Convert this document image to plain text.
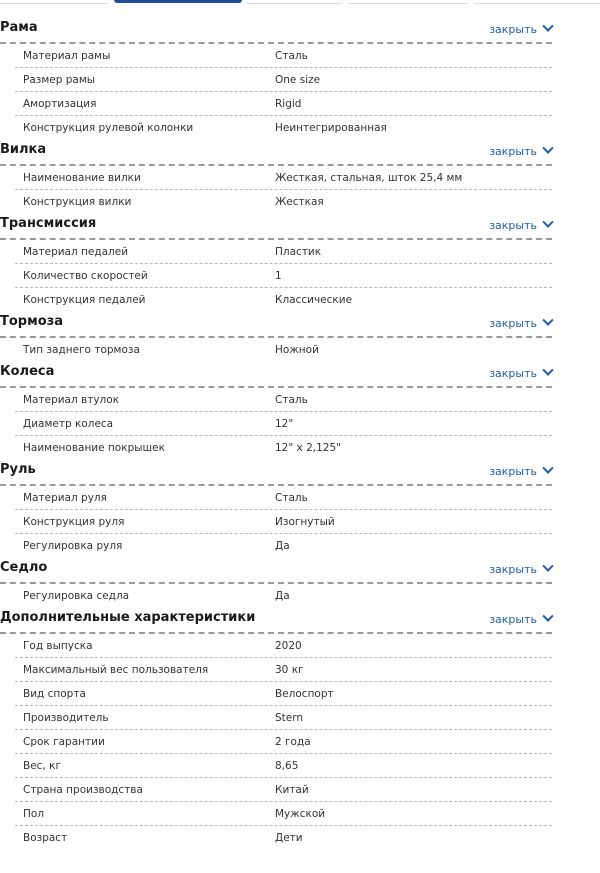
Рама	закрыть
Материал рамы	Сталь
Размер рамы	One size
Амортизация	Rigid
Конструкция рулевой колонки	Неинтегрированная
Вилка	закрыть
Наименование вилки	Жесткая, стальная, шток 25,4 мм
Конструкция вилки	Жесткая
Трансмиссия	закрыть
Материал педалей	Пластик
Количество скоростей	1
Конструкция педалей	Классические
Тормоза	закрыть
Тип заднего тормоза	Ножной
Колеса	закрыть
Материал втулок	Сталь
Диаметр колеса	12"
Наименование покрышек	12" x 2,125"
Руль	закрыть
Материал руля	Сталь
Конструкция руля	Изогнутый
Регулировка руля	Да
Седло	закрыть
Регулировка седла	Да
Дополнительные характеристики	закрыть
Год выпуска	2020
Максимальный вес пользователя	30 кг
Вид спорта	Велоспорт
Производитель	Stern
Срок гарантии	2 года
Вес, кг	8,65
Страна производства	Китай
Пол	Мужской
Возраст	Дети
